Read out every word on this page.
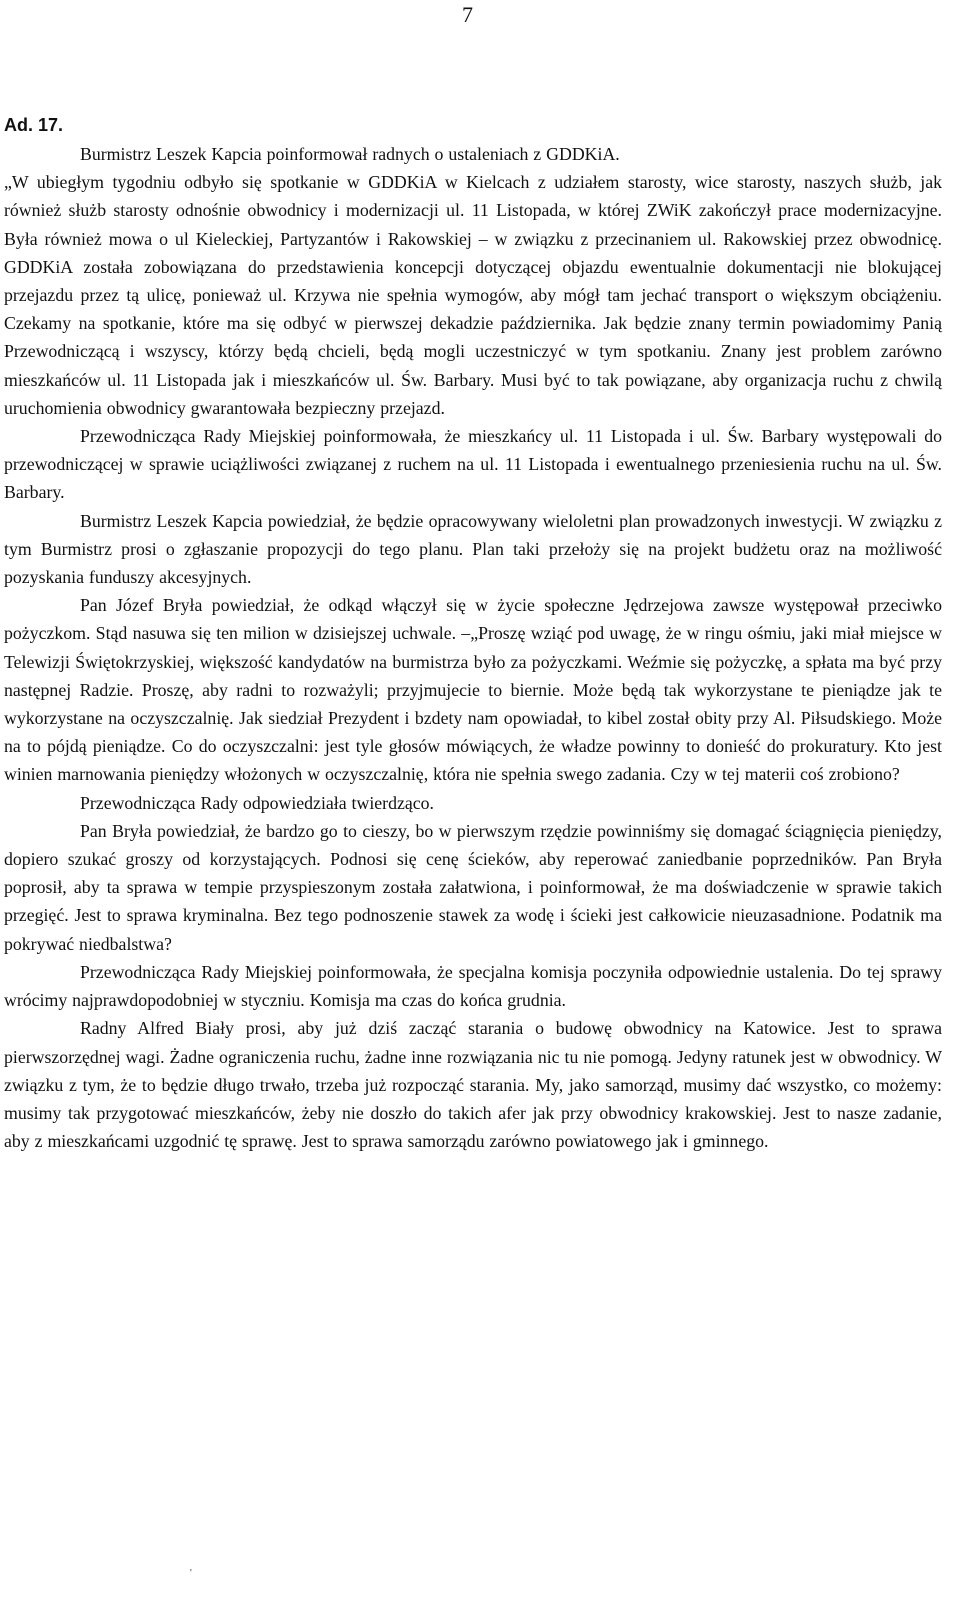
7
Ad. 17.

Burmistrz Leszek Kapcia poinformował radnych o ustaleniach z GDDKiA.

„W ubiegłym tygodniu odbyło się spotkanie w GDDKiA w Kielcach z udziałem starosty, wice starosty, naszych służb, jak również służb starosty odnośnie obwodnicy i modernizacji ul. 11 Listopada, w której ZWiK zakończył prace modernizacyjne. Była również mowa o ul Kieleckiej, Partyzantów i Rakowskiej – w związku z przecinaniem ul. Rakowskiej przez obwodnicę. GDDKiA została zobowiązana do przedstawienia koncepcji dotyczącej objazdu ewentualnie dokumentacji nie blokującej przejazdu przez tą ulicę, ponieważ ul. Krzywa nie spełnia wymogów, aby mógł tam jechać transport o większym obciążeniu. Czekamy na spotkanie, które ma się odbyć w pierwszej dekadzie października. Jak będzie znany termin powiadomimy Panią Przewodniczącą i wszyscy, którzy będą chcieli, będą mogli uczestniczyć w tym spotkaniu. Znany jest problem zarówno mieszkańców ul. 11 Listopada jak i mieszkańców ul. Św. Barbary. Musi być to tak powiązane, aby organizacja ruchu z chwilą uruchomienia obwodnicy gwarantowała bezpieczny przejazd.

Przewodnicząca Rady Miejskiej poinformowała, że mieszkańcy ul. 11 Listopada i ul. Św. Barbary występowali do przewodniczącej w sprawie uciążliwości związanej z ruchem na ul. 11 Listopada i ewentualnego przeniesienia ruchu na ul. Św. Barbary.

Burmistrz Leszek Kapcia powiedział, że będzie opracowywany wieloletni plan prowadzonych inwestycji. W związku z tym Burmistrz prosi o zgłaszanie propozycji do tego planu. Plan taki przełoży się na projekt budżetu oraz na możliwość pozyskania funduszy akcesyjnych.

Pan Józef Bryła powiedział, że odkąd włączył się w życie społeczne Jędrzejowa zawsze występował przeciwko pożyczkom. Stąd nasuwa się ten milion w dzisiejszej uchwale. –„Proszę wziąć pod uwagę, że w ringu ośmiu, jaki miał miejsce w Telewizji Świętokrzyskiej, większość kandydatów na burmistrza było za pożyczkami. Weźmie się pożyczkę, a spłata ma być przy następnej Radzie. Proszę, aby radni to rozważyli; przyjmujecie to biernie. Może będą tak wykorzystane te pieniądze jak te wykorzystane na oczyszczalnię. Jak siedział Prezydent i bzdety nam opowiadał, to kibel został obity przy Al. Piłsudskiego. Może na to pójdą pieniądze. Co do oczyszczalni: jest tyle głosów mówiących, że władze powinny to donieść do prokuratury. Kto jest winien marnowania pieniędzy włożonych w oczyszczalnię, która nie spełnia swego zadania. Czy w tej materii coś zrobiono?

Przewodnicząca Rady odpowiedziała twierdząco.

Pan Bryła powiedział, że bardzo go to cieszy, bo w pierwszym rzędzie powinniśmy się domagać ściągnięcia pieniędzy, dopiero szukać groszy od korzystających. Podnosi się cenę ścieków, aby reperować zaniedbanie poprzedników. Pan Bryła poprosił, aby ta sprawa w tempie przyspieszonym została załatwiona, i poinformował, że ma doświadczenie w sprawie takich przegięć. Jest to sprawa kryminalna. Bez tego podnoszenie stawek za wodę i ścieki jest całkowicie nieuzasadnione. Podatnik ma pokrywać niedbalstwa?

Przewodnicząca Rady Miejskiej poinformowała, że specjalna komisja poczyniła odpowiednie ustalenia. Do tej sprawy wrócimy najprawdopodobniej w styczniu. Komisja ma czas do końca grudnia.

Radny Alfred Biały prosi, aby już dziś zacząć starania o budowę obwodnicy na Katowice. Jest to sprawa pierwszorzędnej wagi. Żadne ograniczenia ruchu, żadne inne rozwiązania nic tu nie pomogą. Jedyny ratunek jest w obwodnicy. W związku z tym, że to będzie długo trwało, trzeba już rozpocząć starania. My, jako samorząd, musimy dać wszystko, co możemy: musimy tak przygotować mieszkańców, żeby nie doszło do takich afer jak przy obwodnicy krakowskiej. Jest to nasze zadanie, aby z mieszkańcami uzgodnić tę sprawę. Jest to sprawa samorządu zarówno powiatowego jak i gminnego.

'
